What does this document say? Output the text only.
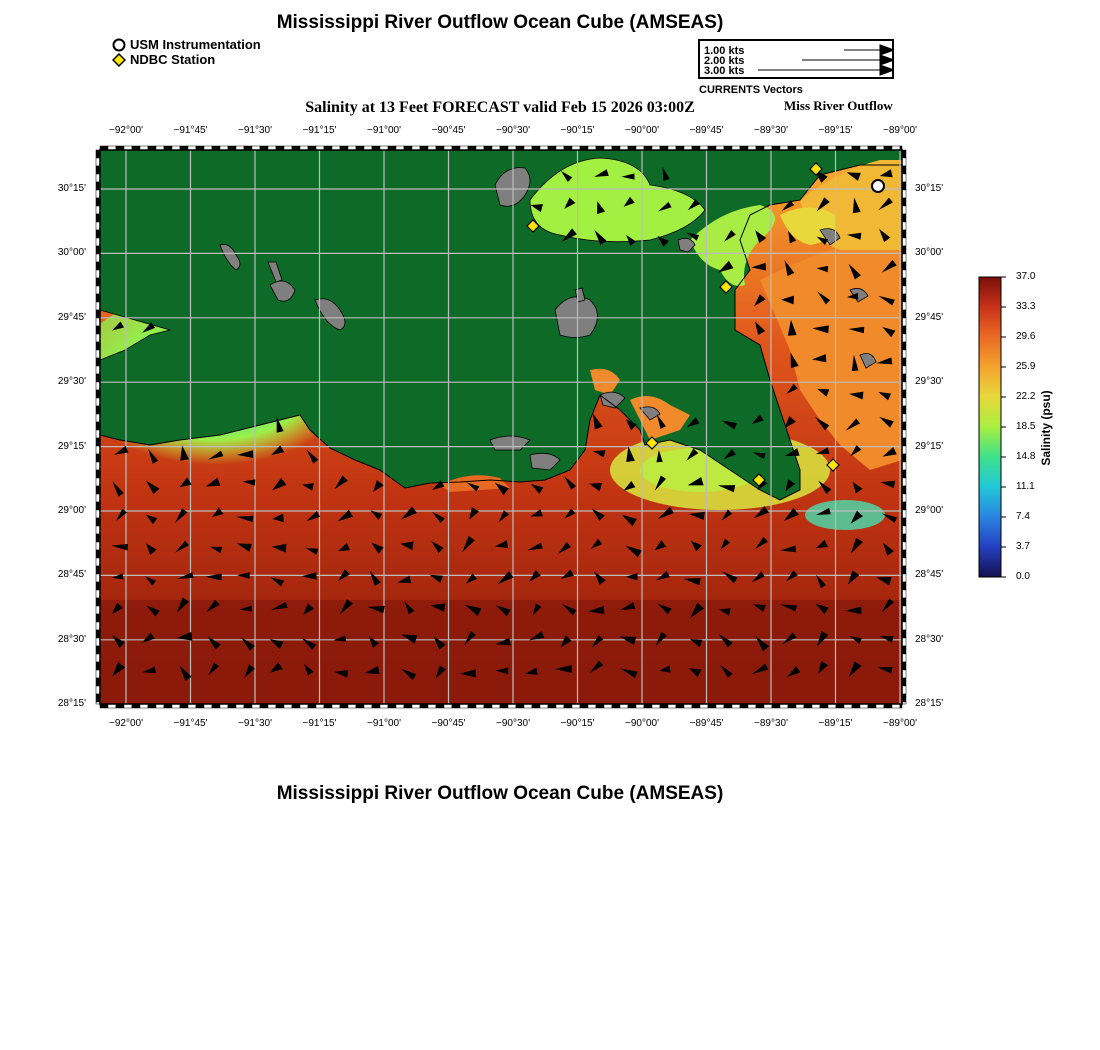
Mississippi River Outflow Ocean Cube (AMSEAS)
USM Instrumentation
NDBC Station
1.00 kts
2.00 kts
3.00 kts
CURRENTS Vectors
Salinity at 13 Feet FORECAST valid Feb 15 2026 03:00Z	Miss River Outflow
−92°00'	−91°45'	−91°30'	−91°15'	−91°00'	−90°45'	−90°30'	−90°15'	−90°00'	−89°45'	−89°30'	−89°15'	−89°00'
−92°00'	−91°45'	−91°30'	−91°15'	−91°00'	−90°45'	−90°30'	−90°15'	−90°00'	−89°45'	−89°30'	−89°15'	−89°00'
30°15'
30°00'
29°45'
29°30'
29°15'
29°00'
28°45'
28°30'
28°15'
30°15'
30°00'
29°45'
29°30'
29°15'
29°00'
28°45'
28°30'
28°15'
37.0
33.3
29.6
25.9
22.2
18.5
14.8
11.1
7.4
3.7
0.0
Salinity (psu)
Mississippi River Outflow Ocean Cube (AMSEAS)
